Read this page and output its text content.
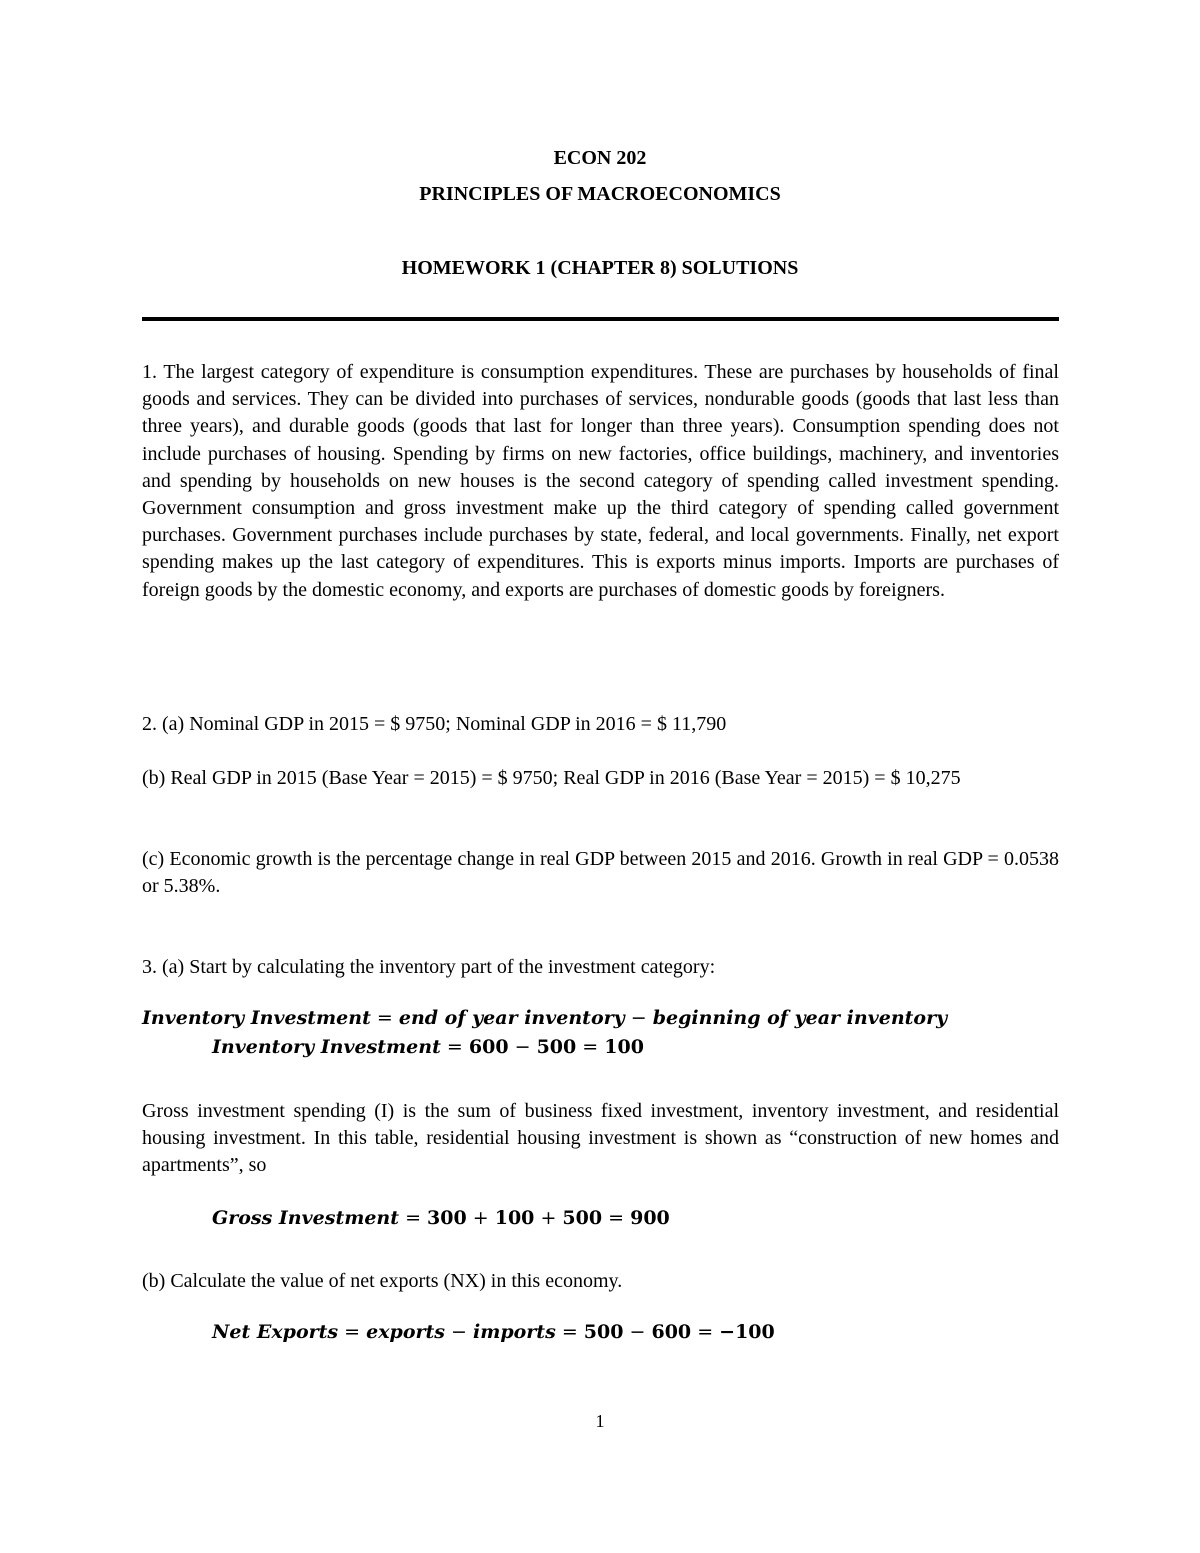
ECON 202
PRINCIPLES OF MACROECONOMICS
HOMEWORK 1 (CHAPTER 8) SOLUTIONS

1. The largest category of expenditure is consumption expenditures. These are purchases by households of final goods and services. They can be divided into purchases of services, nondurable goods (goods that last less than three years), and durable goods (goods that last for longer than three years). Consumption spending does not include purchases of housing. Spending by firms on new factories, office buildings, machinery, and inventories and spending by households on new houses is the second category of spending called investment spending. Government consumption and gross investment make up the third category of spending called government purchases. Government purchases include purchases by state, federal, and local governments. Finally, net export spending makes up the last category of expenditures. This is exports minus imports. Imports are purchases of foreign goods by the domestic economy, and exports are purchases of domestic goods by foreigners.

2. (a) Nominal GDP in 2015 = $ 9750; Nominal GDP in 2016 = $ 11,790

(b) Real GDP in 2015 (Base Year = 2015) = $ 9750; Real GDP in 2016 (Base Year = 2015) = $ 10,275

(c) Economic growth is the percentage change in real GDP between 2015 and 2016. Growth in real GDP = 0.0538 or 5.38%.

3. (a) Start by calculating the inventory part of the investment category:

Inventory Investment = end of year inventory − beginning of year inventory

Inventory Investment = 600 − 500 = 100

Gross investment spending (I) is the sum of business fixed investment, inventory investment, and residential housing investment. In this table, residential housing investment is shown as “construction of new homes and apartments”, so

Gross Investment = 300 + 100 + 500 = 900

(b) Calculate the value of net exports (NX) in this economy.

Net Exports = exports − imports = 500 − 600 = −100

1
